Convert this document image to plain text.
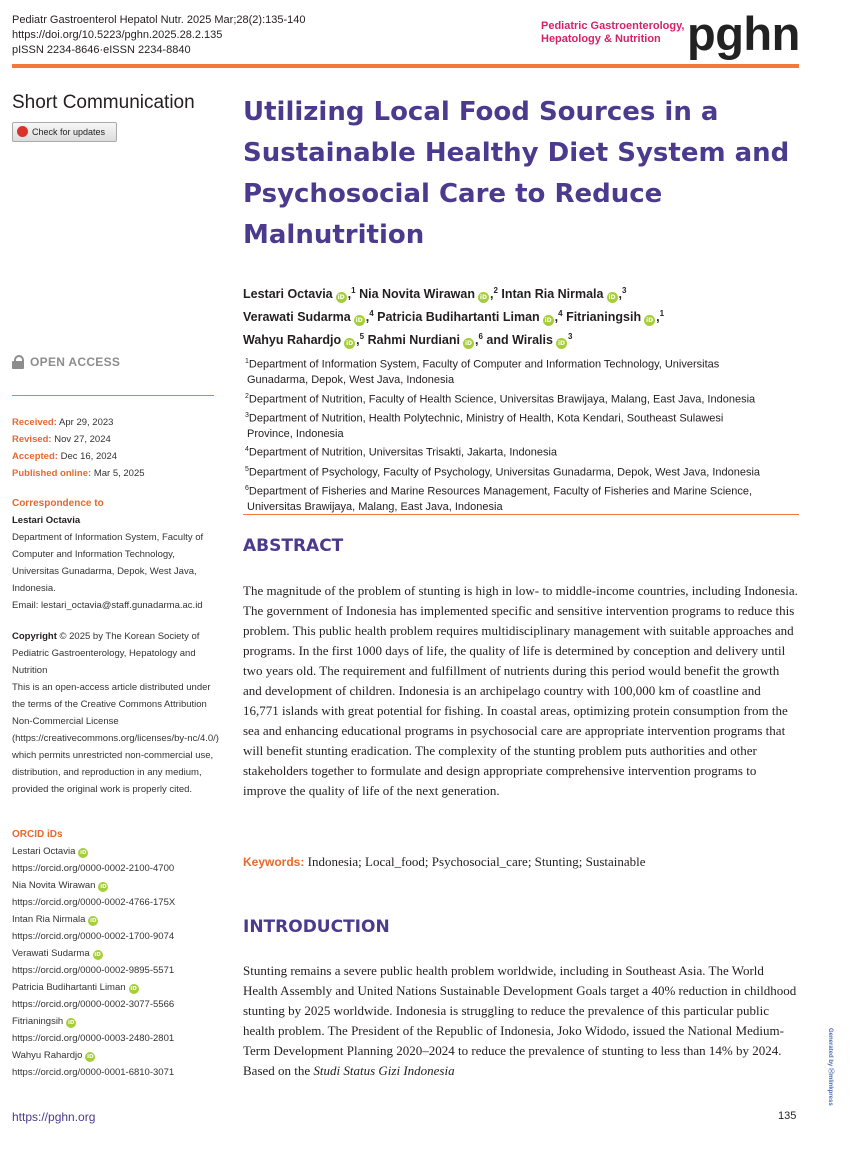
Pediatr Gastroenterol Hepatol Nutr. 2025 Mar;28(2):135-140
https://doi.org/10.5223/pghn.2025.28.2.135
pISSN 2234-8646·eISSN 2234-8840
Pediatric Gastroenterology,
Hepatology & Nutrition pghn
Short Communication
Check for updates
Utilizing Local Food Sources in a Sustainable Healthy Diet System and Psychosocial Care to Reduce Malnutrition
Lestari Octavia iD ,$^1$ Nia Novita Wirawan iD ,$^2$ Intan Ria Nirmala iD ,$^3$
Verawati Sudarma iD ,$^4$ Patricia Budihartanti Liman iD ,$^4$ Fitrianingsih iD ,$^1$
Wahyu Rahardjo iD ,$^5$ Rahmi Nurdiani iD ,$^6$ and Wiralis $iD^3$
$^1$Department of Information System, Faculty of Computer and Information Technology, Universitas
Gunadarma, Depok, West Java, Indonesia
$^2$Department of Nutrition, Faculty of Health Science, Universitas Brawijaya, Malang, East Java, Indonesia
$^3$Department of Nutrition, Health Polytechnic, Ministry of Health, Kota Kendari, Southeast Sulawesi
Province, Indonesia
$^4$Department of Nutrition, Universitas Trisakti, Jakarta, Indonesia
$^5$Department of Psychology, Faculty of Psychology, Universitas Gunadarma, Depok, West Java, Indonesia
$^6$Department of Fisheries and Marine Resources Management, Faculty of Fisheries and Marine Science,
Universitas Brawijaya, Malang, East Java, Indonesia
OPEN ACCESS
Received: Apr 29, 2023
Revised: Nov 27, 2024
Accepted: Dec 16, 2024
Published online: Mar 5, 2025
Correspondence to
Lestari Octavia
Department of Information System, Faculty of Computer and Information Technology, Universitas Gunadarma, Depok, West Java, Indonesia.
Email: lestari_octavia@staff.gunadarma.ac.id
Copyright © 2025 by The Korean Society of Pediatric Gastroenterology, Hepatology and Nutrition
This is an open-access article distributed under the terms of the Creative Commons Attribution Non-Commercial License (https://creativecommons.org/licenses/by-nc/4.0/) which permits unrestricted non-commercial use, distribution, and reproduction in any medium, provided the original work is properly cited.
ORCID iDs
Lestari Octavia iD
https://orcid.org/0000-0002-2100-4700
Nia Novita Wirawan iD
https://orcid.org/0000-0002-4766-175X
Intan Ria Nirmala iD
https://orcid.org/0000-0002-1700-9074
Verawati Sudarma iD
https://orcid.org/0000-0002-9895-5571
Patricia Budihartanti Liman iD
https://orcid.org/0000-0002-3077-5566
Fitrianingsih iD
https://orcid.org/0000-0003-2480-2801
Wahyu Rahardjo iD
https://orcid.org/0000-0001-6810-3071
ABSTRACT
The magnitude of the problem of stunting is high in low- to middle-income countries, including Indonesia. The government of Indonesia has implemented specific and sensitive intervention programs to reduce this problem. This public health problem requires multidisciplinary management with suitable approaches and programs. In the first 1000 days of life, the quality of life is determined by conception and delivery until two years old. The requirement and fulfillment of nutrients during this period would benefit the growth and development of children. Indonesia is an archipelago country with 100,000 km of coastline and 16,771 islands with great potential for fishing. In coastal areas, optimizing protein consumption from the sea and enhancing educational programs in psychosocial care are appropriate intervention programs that will benefit stunting eradication. The complexity of the stunting problem puts authorities and other stakeholders together to formulate and design appropriate comprehensive intervention programs to improve the quality of life of the next generation.
Keywords: Indonesia; Local_food; Psychosocial_care; Stunting; Sustainable
INTRODUCTION
Stunting remains a severe public health problem worldwide, including in Southeast Asia. The World Health Assembly and United Nations Sustainable Development Goals target a 40% reduction in childhood stunting by 2025 worldwide. Indonesia is struggling to reduce the prevalence of this particular public health problem. The President of the Republic of Indonesia, Joko Widodo, issued the National Medium-Term Development Planning 2020–2024 to reduce the prevalence of stunting to less than 14% by 2024. Based on the Studi Status Gizi Indonesia
https://pghn.org	135
Generated by Ⓧmlinkpress
